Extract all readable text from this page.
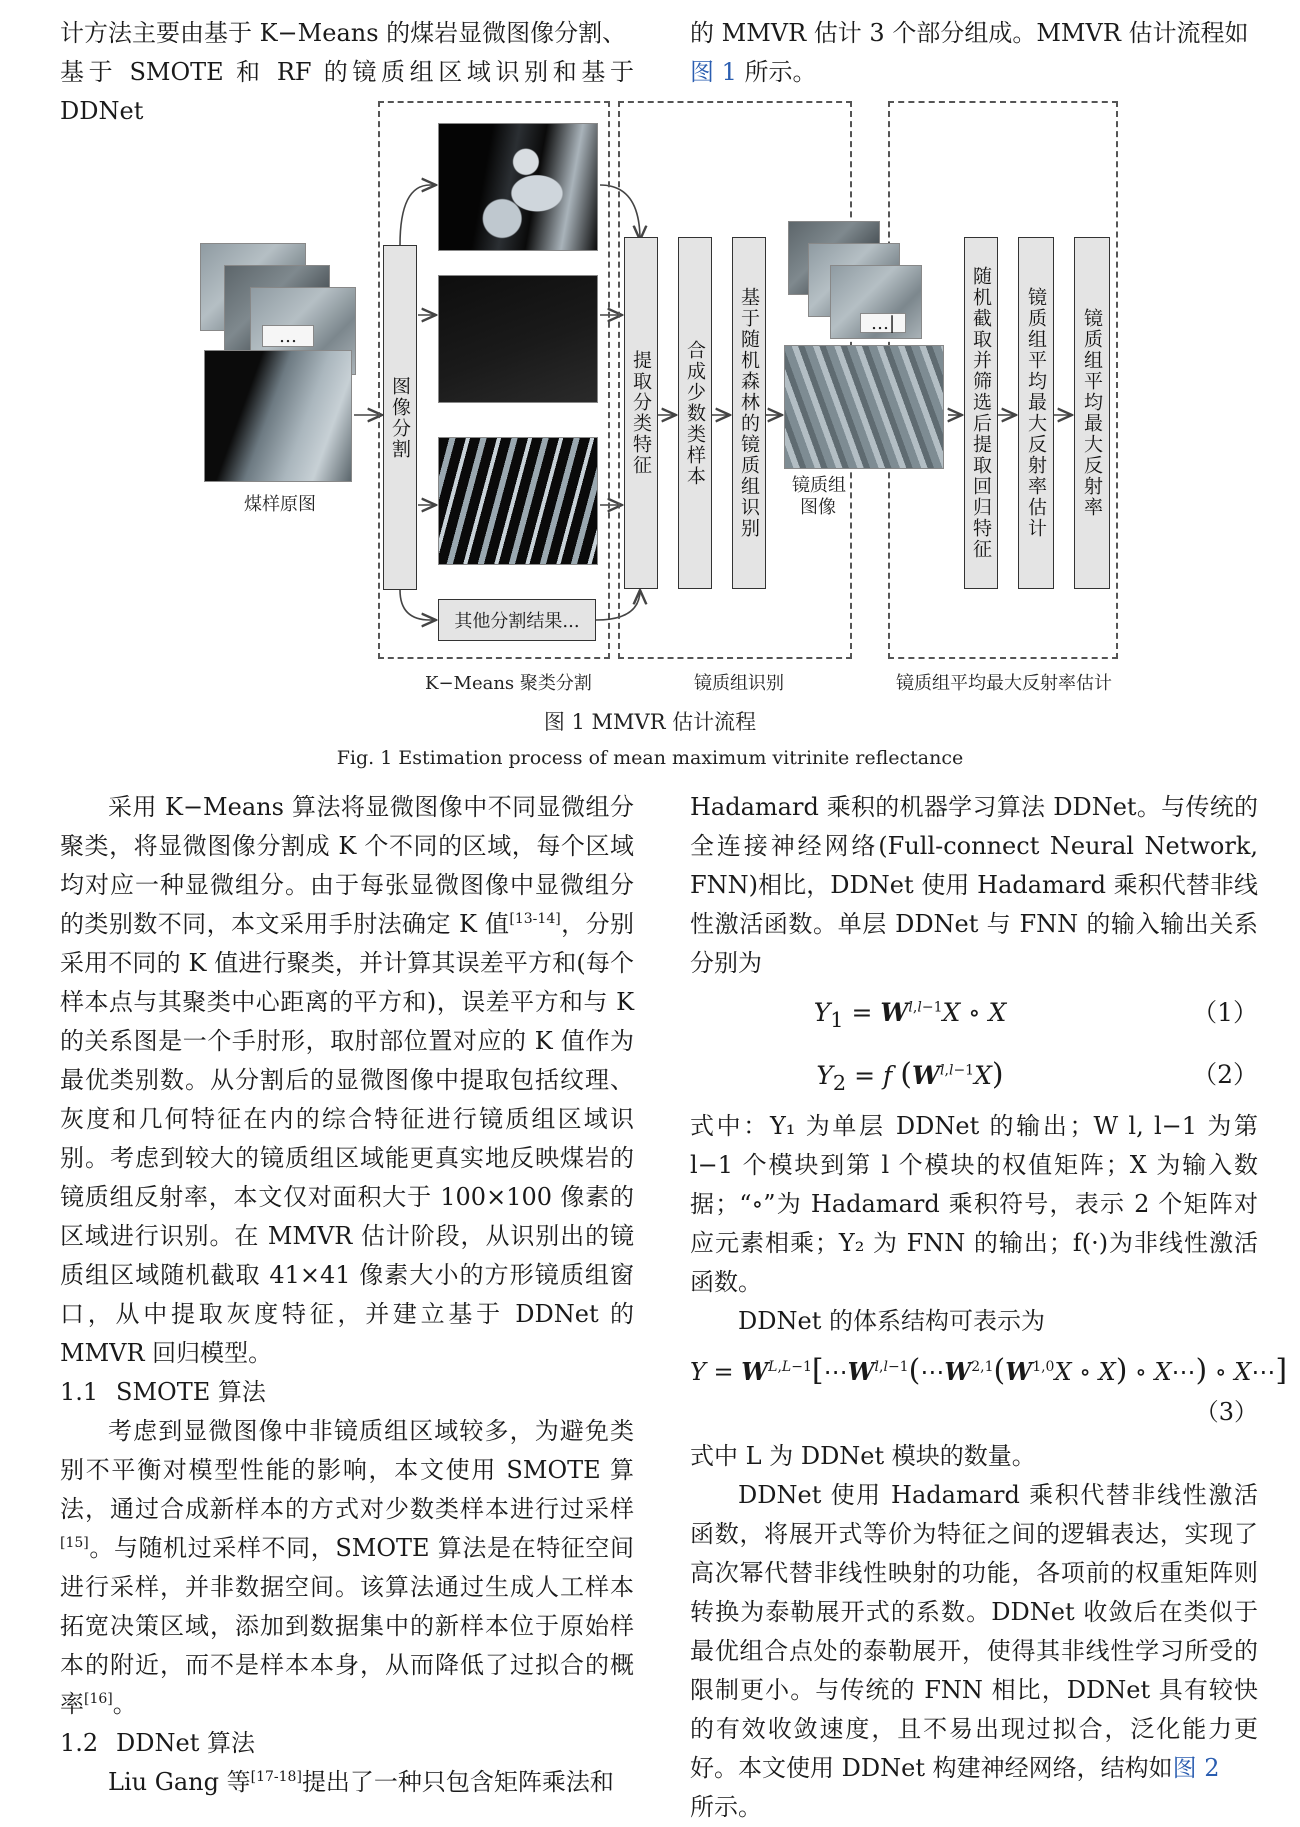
计方法主要由基于 K−Means 的煤岩显微图像分割、

基于 SMOTE 和 RF 的镜质组区域识别和基于 DDNet

的 MMVR 估计 3 个部分组成。MMVR 估计流程如

图 1 所示。

…
煤样原图
图像分割
其他分割结果...
提取分类特征 合成少数类样本 基于随机森林的镜质组识别	…|
镜质组
图像	随机截取并筛选后提取回归特征 镜质组平均最大反射率估计 镜质组平均最大反射率
K−Means 聚类分割	镜质组识别	镜质组平均最大反射率估计
图 1 MMVR 估计流程
Fig. 1 Estimation process of mean maximum vitrinite reflectance

采用 K−Means 算法将显微图像中不同显微组分聚类，将显微图像分割成 K 个不同的区域，每个区域均对应一种显微组分。由于每张显微图像中显微组分的类别数不同，本文采用手肘法确定 K 值[13-14]，分别采用不同的 K 值进行聚类，并计算其误差平方和(每个样本点与其聚类中心距离的平方和)，误差平方和与 K 的关系图是一个手肘形，取肘部位置对应的 K 值作为最优类别数。从分割后的显微图像中提取包括纹理、灰度和几何特征在内的综合特征进行镜质组区域识别。考虑到较大的镜质组区域能更真实地反映煤岩的镜质组反射率，本文仅对面积大于 100×100 像素的区域进行识别。在 MMVR 估计阶段，从识别出的镜质组区域随机截取 41×41 像素大小的方形镜质组窗口，从中提取灰度特征，并建立基于 DDNet 的 MMVR 回归模型。

1.1 SMOTE 算法

考虑到显微图像中非镜质组区域较多，为避免类别不平衡对模型性能的影响，本文使用 SMOTE 算法，通过合成新样本的方式对少数类样本进行过采样[15]。与随机过采样不同，SMOTE 算法是在特征空间进行采样，并非数据空间。该算法通过生成人工样本拓宽决策区域，添加到数据集中的新样本位于原始样本的附近，而不是样本本身，从而降低了过拟合的概率[16]。

1.2 DDNet 算法

Liu Gang 等[17-18]提出了一种只包含矩阵乘法和

Hadamard 乘积的机器学习算法 DDNet。与传统的全连接神经网络(Full-connect Neural Network, FNN)相比，DDNet 使用 Hadamard 乘积代替非线性激活函数。单层 DDNet 与 FNN 的输入输出关系分别为

$Y_1 = W^{l,l-1}X$ ∘ X	（1）
$Y_2 = f$ $(W^{l,l-1}X)$	（2）

式中：Y₁ 为单层 DDNet 的输出；W l, l−1 为第 l−1 个模块到第 l 个模块的权值矩阵；X 为输入数据；“∘”为 Hadamard 乘积符号，表示 2 个矩阵对应元素相乘；Y₂ 为 FNN 的输出；f(·)为非线性激活函数。

DDNet 的体系结构可表示为

$Y = W^{L,L-1}[\cdots W^{l,l-1}(\cdots W^{2,1}(W^{1,0}X$ ∘ X) ∘ X⋯) ∘ X⋯]
（3）

式中 L 为 DDNet 模块的数量。

DDNet 使用 Hadamard 乘积代替非线性激活函数，将展开式等价为特征之间的逻辑表达，实现了高次幂代替非线性映射的功能，各项前的权重矩阵则转换为泰勒展开式的系数。DDNet 收敛后在类似于最优组合点处的泰勒展开，使得其非线性学习所受的限制更小。与传统的 FNN 相比，DDNet 具有较快的有效收敛速度，且不易出现过拟合，泛化能力更好。本文使用 DDNet 构建神经网络，结构如图 2

所示。
